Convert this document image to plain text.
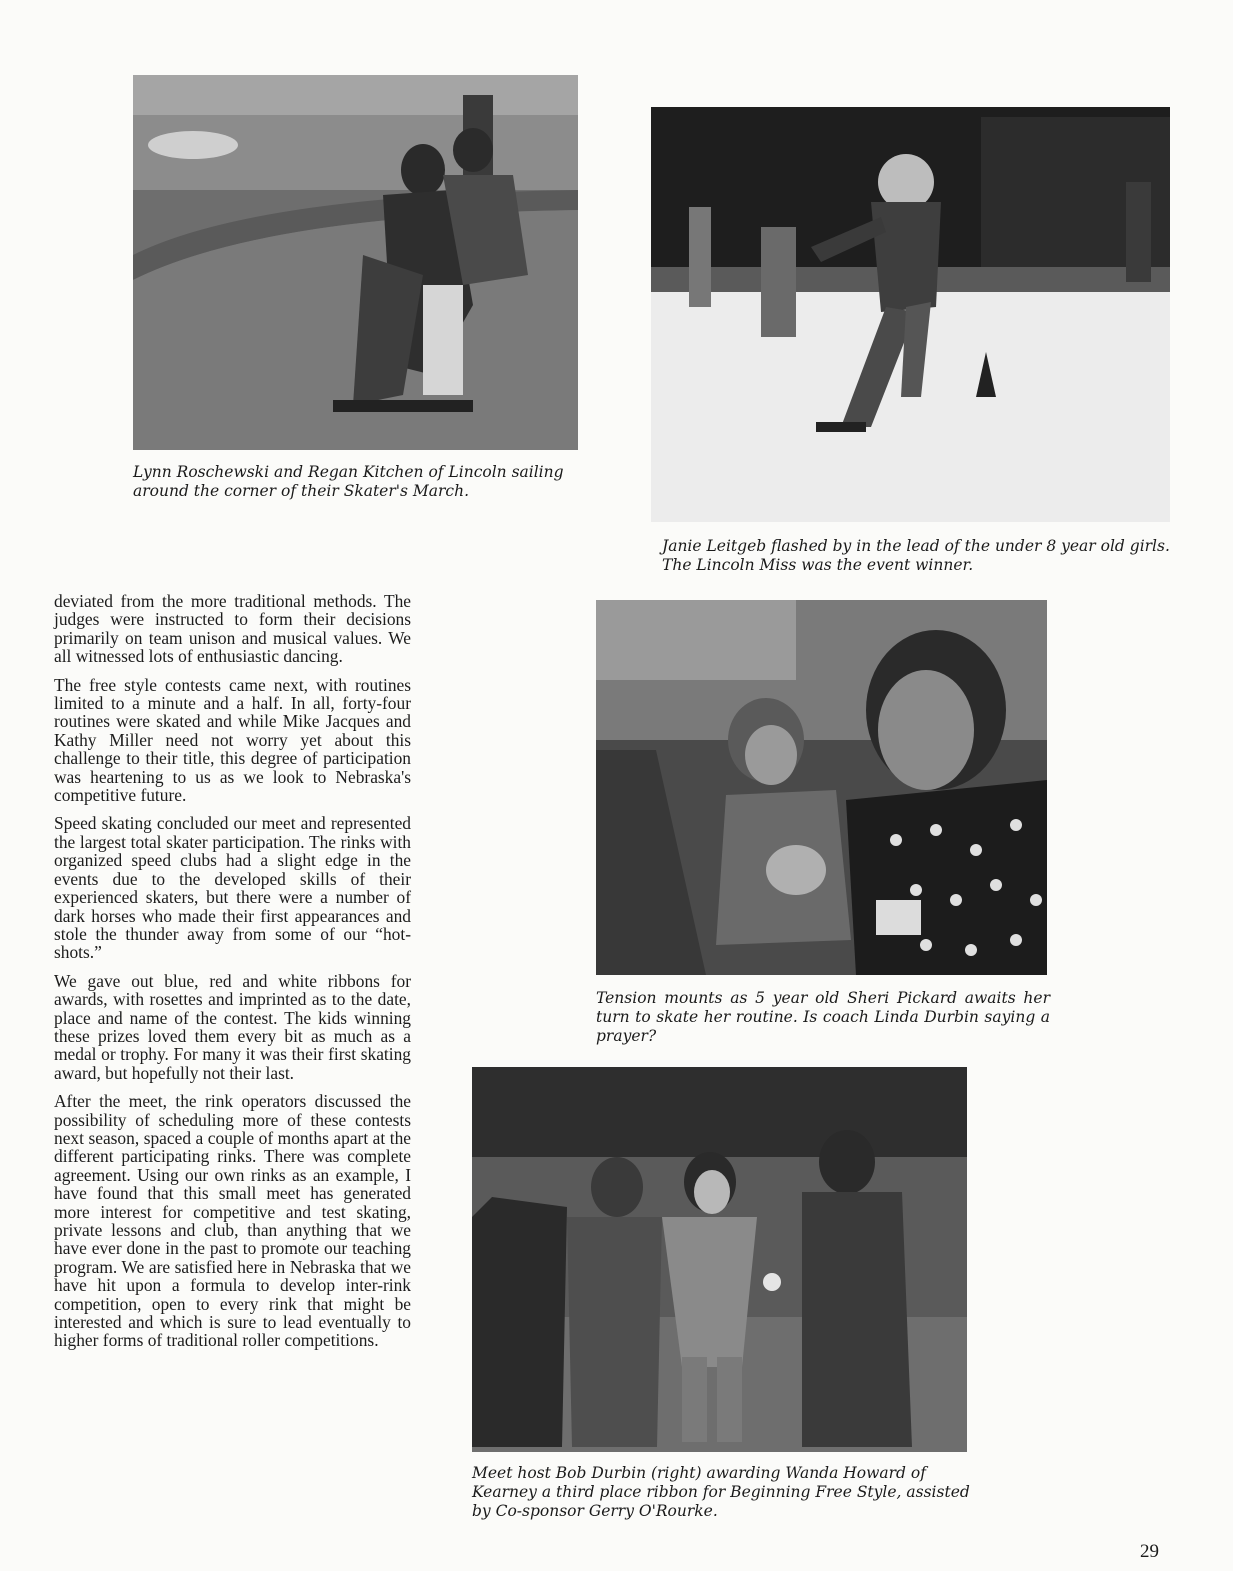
Lynn Roschewski and Regan Kitchen of Lincoln sailing around the corner of their Skater's March.

Janie Leitgeb flashed by in the lead of the under 8 year old girls. The Lincoln Miss was the event winner.

deviated from the more traditional methods. The judges were instructed to form their decisions primarily on team unison and musical values. We all witnessed lots of enthusiastic dancing.

The free style contests came next, with routines limited to a minute and a half. In all, forty-four routines were skated and while Mike Jacques and Kathy Miller need not worry yet about this challenge to their title, this degree of participation was heartening to us as we look to Nebraska's competitive future.

Speed skating concluded our meet and represented the largest total skater participation. The rinks with organized speed clubs had a slight edge in the events due to the developed skills of their experienced skaters, but there were a number of dark horses who made their first appearances and stole the thunder away from some of our “hot-shots.”

We gave out blue, red and white ribbons for awards, with rosettes and imprinted as to the date, place and name of the contest. The kids winning these prizes loved them every bit as much as a medal or trophy. For many it was their first skating award, but hopefully not their last.

After the meet, the rink operators discussed the possibility of scheduling more of these contests next season, spaced a couple of months apart at the different participating rinks. There was complete agreement. Using our own rinks as an example, I have found that this small meet has generated more interest for competitive and test skating, private lessons and club, than anything that we have ever done in the past to promote our teaching program. We are satisfied here in Nebraska that we have hit upon a formula to develop inter-rink competition, open to every rink that might be interested and which is sure to lead eventually to higher forms of traditional roller competitions.

Tension mounts as 5 year old Sheri Pickard awaits her turn to skate her routine. Is coach Linda Durbin saying a prayer?

Meet host Bob Durbin (right) awarding Wanda Howard of Kearney a third place ribbon for Beginning Free Style, assisted by Co-sponsor Gerry O'Rourke.

29
